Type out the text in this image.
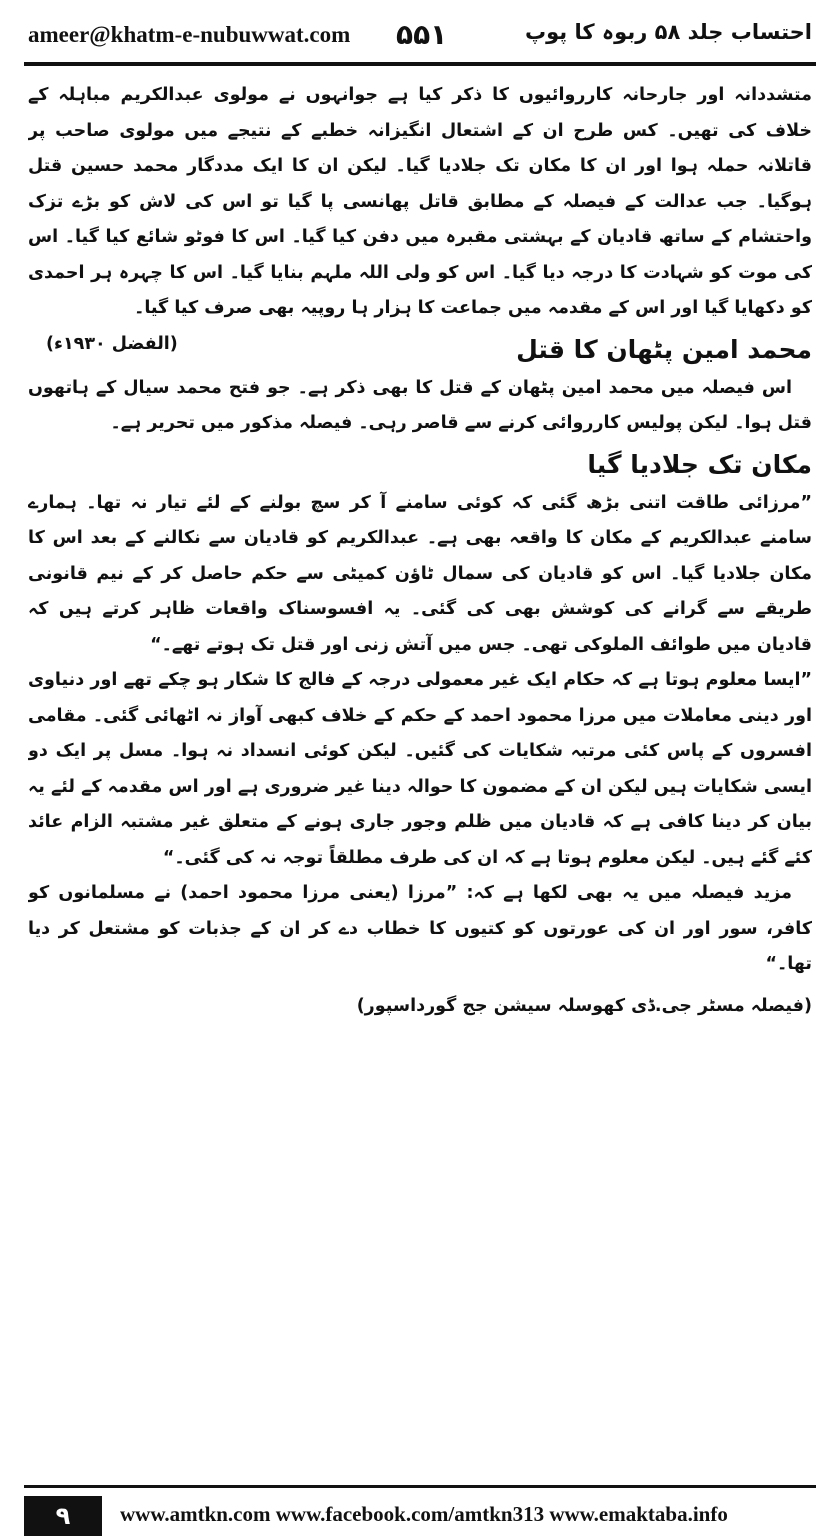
ameer@khatm-e-nubuwwat.com ۵۵۱	احتساب جلد ۵۸ ربوہ کا پوپ

متشددانہ اور جارحانہ کارروائیوں کا ذکر کیا ہے جوانہوں نے مولوی عبدالکریم مباہلہ کے خلاف کی تھیں۔ کس طرح ان کے اشتعال انگیزانہ خطبے کے نتیجے میں مولوی صاحب پر قاتلانہ حملہ ہوا اور ان کا مکان تک جلادیا گیا۔ لیکن ان کا ایک مددگار محمد حسین قتل ہوگیا۔ جب عدالت کے فیصلہ کے مطابق قاتل پھانسی پا گیا تو اس کی لاش کو بڑے تزک واحتشام کے ساتھ قادیان کے بہشتی مقبرہ میں دفن کیا گیا۔ اس کا فوٹو شائع کیا گیا۔ اس کی موت کو شہادت کا درجہ دیا گیا۔ اس کو ولی اللہ ملہم بنایا گیا۔ اس کا چہرہ ہر احمدی کو دکھایا گیا اور اس کے مقدمہ میں جماعت کا ہزار ہا روپیہ بھی صرف کیا گیا۔
(الفضل ۱۹۳۰ء)	محمد امین پٹھان کا قتل

اس فیصلہ میں محمد امین پٹھان کے قتل کا بھی ذکر ہے۔ جو فتح محمد سیال کے ہاتھوں قتل ہوا۔ لیکن پولیس کارروائی کرنے سے قاصر رہی۔ فیصلہ مذکور میں تحریر ہے۔

مکان تک جلادیا گیا

”مرزائی طاقت اتنی بڑھ گئی کہ کوئی سامنے آ کر سچ بولنے کے لئے تیار نہ تھا۔ ہمارے سامنے عبدالکریم کے مکان کا واقعہ بھی ہے۔ عبدالکریم کو قادیان سے نکالنے کے بعد اس کا مکان جلادیا گیا۔ اس کو قادیان کی سمال ٹاؤن کمیٹی سے حکم حاصل کر کے نیم قانونی طریقے سے گرانے کی کوشش بھی کی گئی۔ یہ افسوسناک واقعات ظاہر کرتے ہیں کہ قادیان میں طوائف الملوکی تھی۔ جس میں آتش زنی اور قتل تک ہوتے تھے۔“

”ایسا معلوم ہوتا ہے کہ حکام ایک غیر معمولی درجہ کے فالج کا شکار ہو چکے تھے اور دنیاوی اور دینی معاملات میں مرزا محمود احمد کے حکم کے خلاف کبھی آواز نہ اٹھائی گئی۔ مقامی افسروں کے پاس کئی مرتبہ شکایات کی گئیں۔ لیکن کوئی انسداد نہ ہوا۔ مسل پر ایک دو ایسی شکایات ہیں لیکن ان کے مضمون کا حوالہ دینا غیر ضروری ہے اور اس مقدمہ کے لئے یہ بیان کر دینا کافی ہے کہ قادیان میں ظلم وجور جاری ہونے کے متعلق غیر مشتبہ الزام عائد کئے گئے ہیں۔ لیکن معلوم ہوتا ہے کہ ان کی طرف مطلقاً توجہ نہ کی گئی۔“

مزید فیصلہ میں یہ بھی لکھا ہے کہ: ”مرزا (یعنی مرزا محمود احمد) نے مسلمانوں کو کافر، سور اور ان کی عورتوں کو کتیوں کا خطاب دے کر ان کے جذبات کو مشتعل کر دیا تھا۔“

(فیصلہ مسٹر جی.ڈی کھوسلہ سیشن جج گورداسپور)

۹	www.amtkn.com www.facebook.com/amtkn313 www.emaktaba.info
